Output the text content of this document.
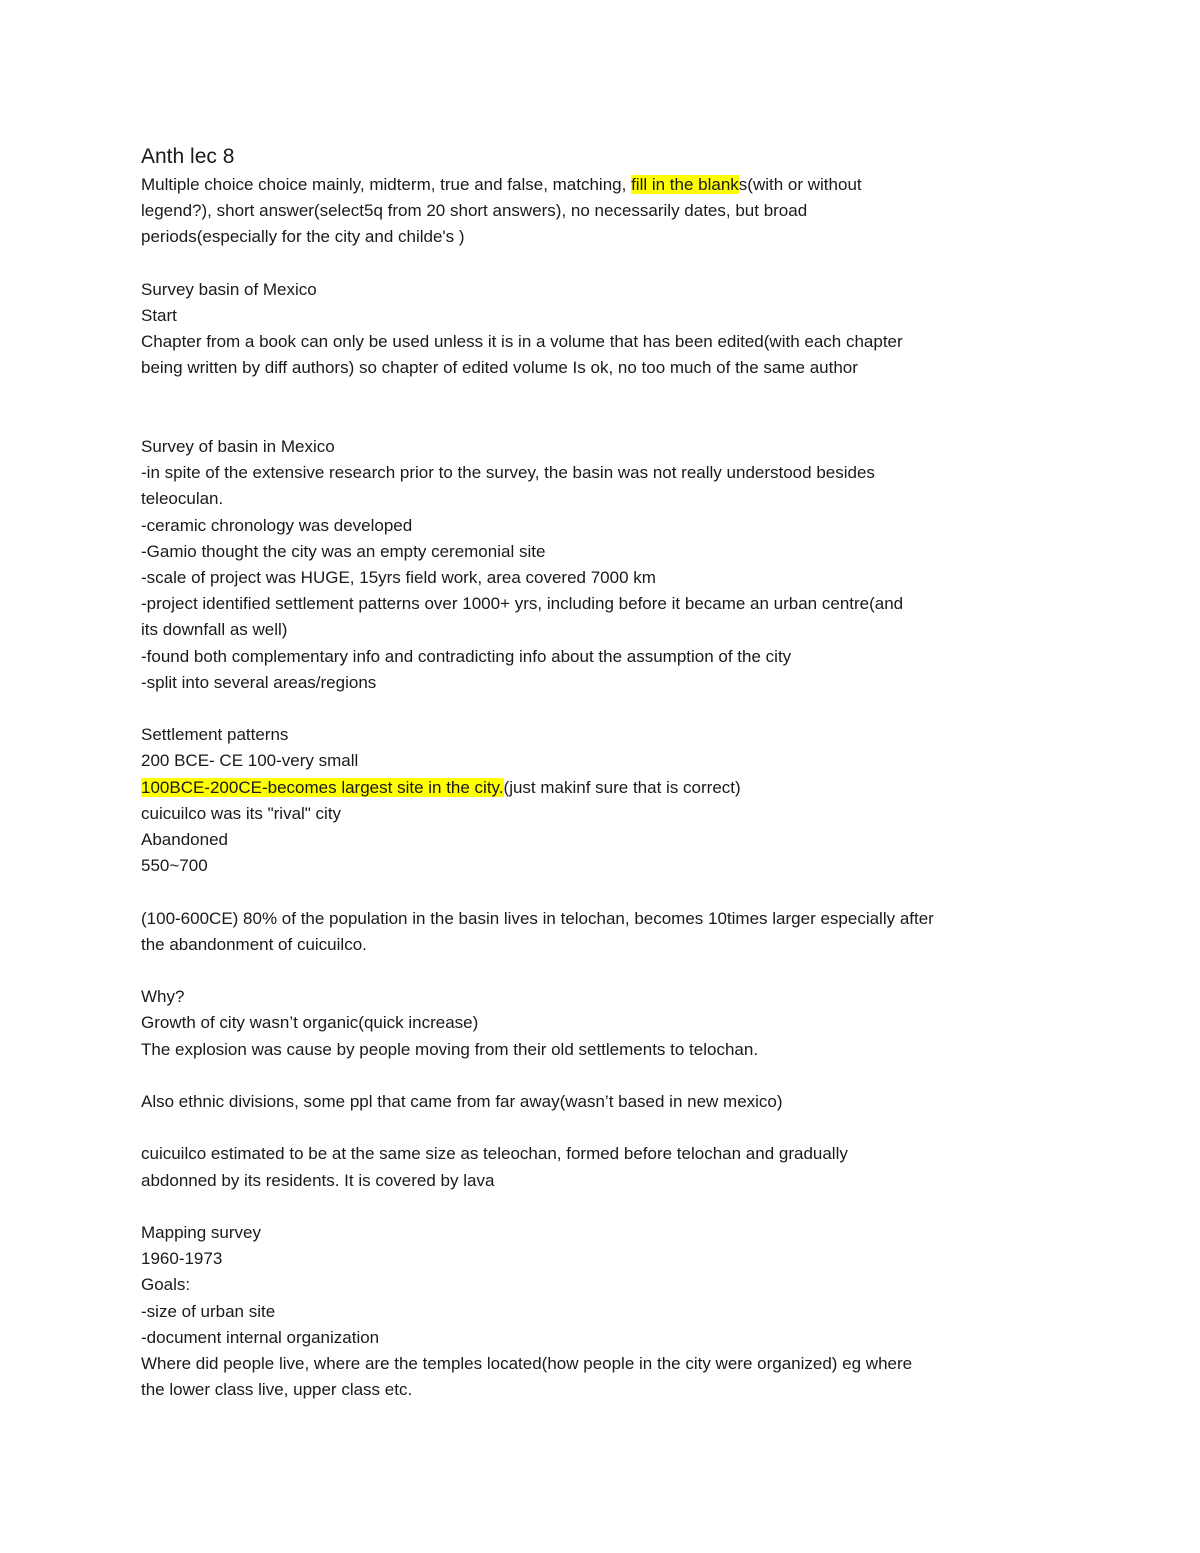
Anth lec 8

Multiple choice choice mainly, midterm, true and false, matching, fill in the blanks(with or without

legend?), short answer(select5q from 20 short answers), no necessarily dates, but broad

periods(especially for the city and childe's )

Survey basin of Mexico

Start

Chapter from a book can only be used unless it is in a volume that has been edited(with each chapter

being written by diff authors) so chapter of edited volume Is ok, no too much of the same author

Survey of basin in Mexico

-in spite of the extensive research prior to the survey, the basin was not really understood besides

teleoculan.

-ceramic chronology was developed

-Gamio thought the city was an empty ceremonial site

-scale of project was HUGE, 15yrs field work, area covered 7000 km

-project identified settlement patterns over 1000+ yrs, including before it became an urban centre(and

its downfall as well)

-found both complementary info and contradicting info about the assumption of the city

-split into several areas/regions

Settlement patterns

200 BCE- CE 100-very small

100BCE-200CE-becomes largest site in the city.(just makinf sure that is correct)

cuicuilco was its "rival" city

Abandoned

550~700

(100-600CE) 80% of the population in the basin lives in telochan, becomes 10times larger especially after

the abandonment of cuicuilco.

Why?

Growth of city wasn’t organic(quick increase)

The explosion was cause by people moving from their old settlements to telochan.

Also ethnic divisions, some ppl that came from far away(wasn’t based in new mexico)

cuicuilco estimated to be at the same size as teleochan, formed before telochan and gradually

abdonned by its residents. It is covered by lava

Mapping survey

1960-1973

Goals:

-size of urban site

-document internal organization

Where did people live, where are the temples located(how people in the city were organized) eg where

the lower class live, upper class etc.
